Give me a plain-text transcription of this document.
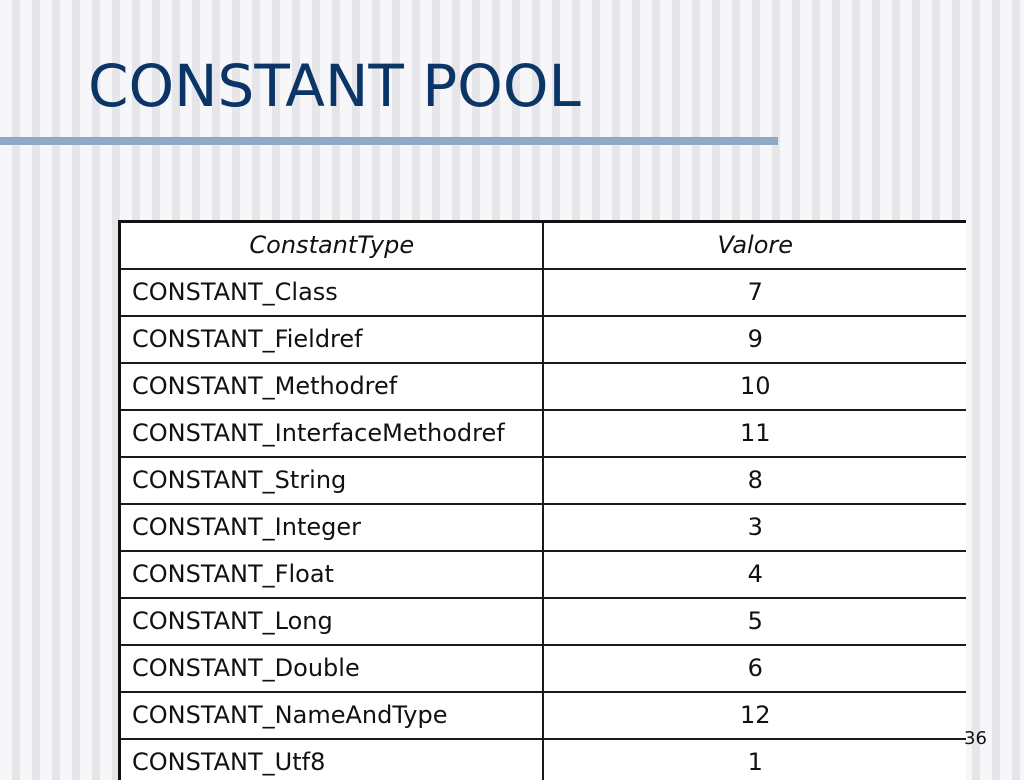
CONSTANT POOL
ConstantType	Valore
CONSTANT_Class	7
CONSTANT_Fieldref	9
CONSTANT_Methodref	10
CONSTANT_InterfaceMethodref	11
CONSTANT_String	8
CONSTANT_Integer	3
CONSTANT_Float	4
CONSTANT_Long	5
CONSTANT_Double	6
CONSTANT_NameAndType	12
CONSTANT_Utf8	1
36
